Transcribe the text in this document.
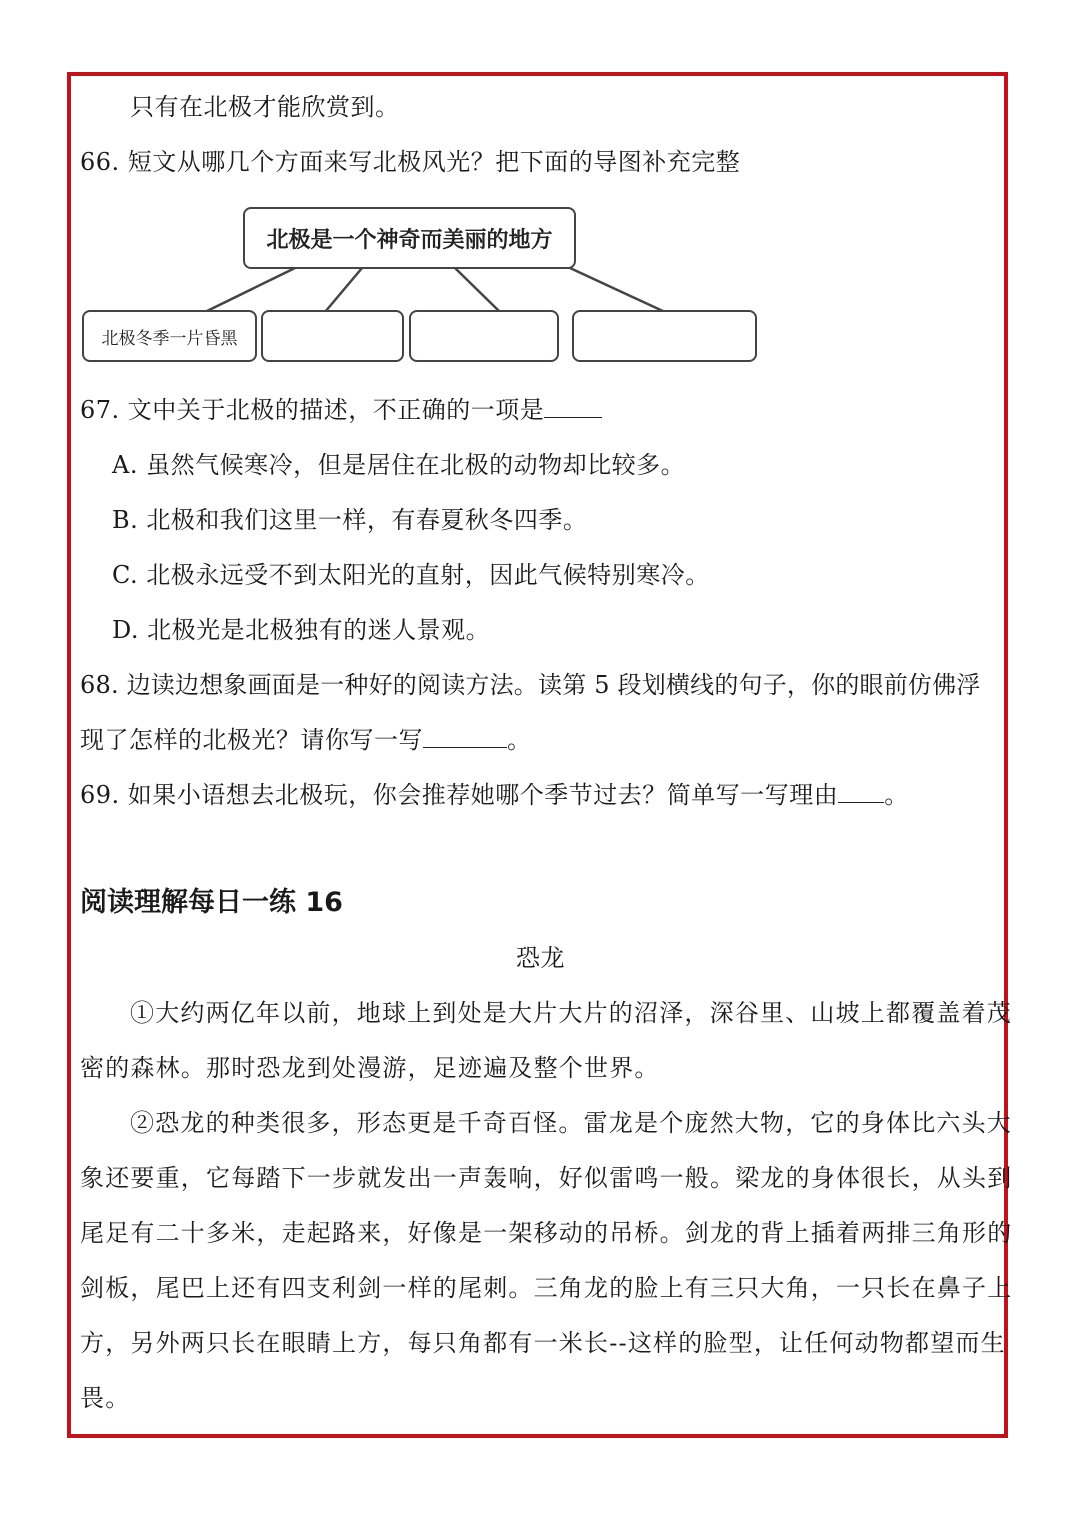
只有在北极才能欣赏到。
66. 短文从哪几个方面来写北极风光？把下面的导图补充完整
北极是一个神奇而美丽的地方
北极冬季一片昏黑
67. 文中关于北极的描述，不正确的一项是
A. 虽然气候寒冷，但是居住在北极的动物却比较多。
B. 北极和我们这里一样，有春夏秋冬四季。
C. 北极永远受不到太阳光的直射，因此气候特别寒冷。
D. 北极光是北极独有的迷人景观。
68. 边读边想象画面是一种好的阅读方法。读第 5 段划横线的句子，你的眼前仿佛浮
现了怎样的北极光？请你写一写	。
69. 如果小语想去北极玩，你会推荐她哪个季节过去？简单写一写理由 。
阅读理解每日一练 16
恐龙
①大约两亿年以前，地球上到处是大片大片的沼泽，深谷里、山坡上都覆盖着茂
密的森林。那时恐龙到处漫游，足迹遍及整个世界。
②恐龙的种类很多，形态更是千奇百怪。雷龙是个庞然大物，它的身体比六头大
象还要重，它每踏下一步就发出一声轰响，好似雷鸣一般。梁龙的身体很长，从头到
尾足有二十多米，走起路来，好像是一架移动的吊桥。剑龙的背上插着两排三角形的
剑板，尾巴上还有四支利剑一样的尾刺。三角龙的脸上有三只大角，一只长在鼻子上
方，另外两只长在眼睛上方，每只角都有一米长--这样的脸型，让任何动物都望而生
畏。
